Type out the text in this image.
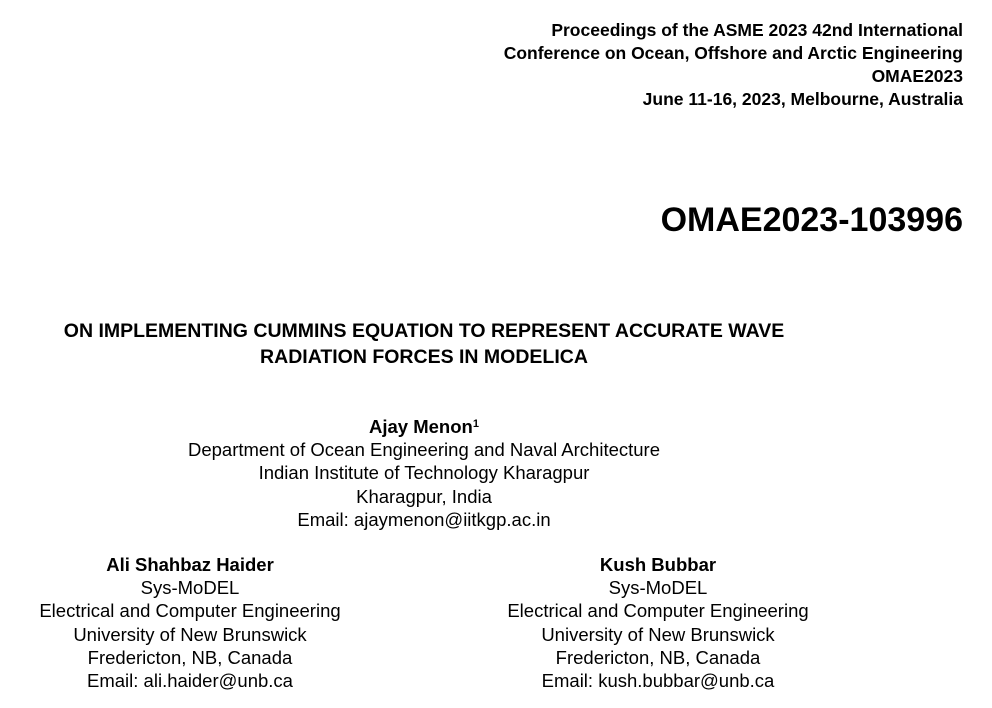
Proceedings of the ASME 2023 42nd International
Conference on Ocean, Offshore and Arctic Engineering
OMAE2023
June 11-16, 2023, Melbourne, Australia
OMAE2023-103996
ON IMPLEMENTING CUMMINS EQUATION TO REPRESENT ACCURATE WAVE
RADIATION FORCES IN MODELICA
Ajay Menon$^1$
Department of Ocean Engineering and Naval Architecture
Indian Institute of Technology Kharagpur
Kharagpur, India
Email: ajaymenon@iitkgp.ac.in
Ali Shahbaz Haider
Sys-MoDEL
Electrical and Computer Engineering
University of New Brunswick
Fredericton, NB, Canada
Email: ali.haider@unb.ca
Kush Bubbar
Sys-MoDEL
Electrical and Computer Engineering
University of New Brunswick
Fredericton, NB, Canada
Email: kush.bubbar@unb.ca
